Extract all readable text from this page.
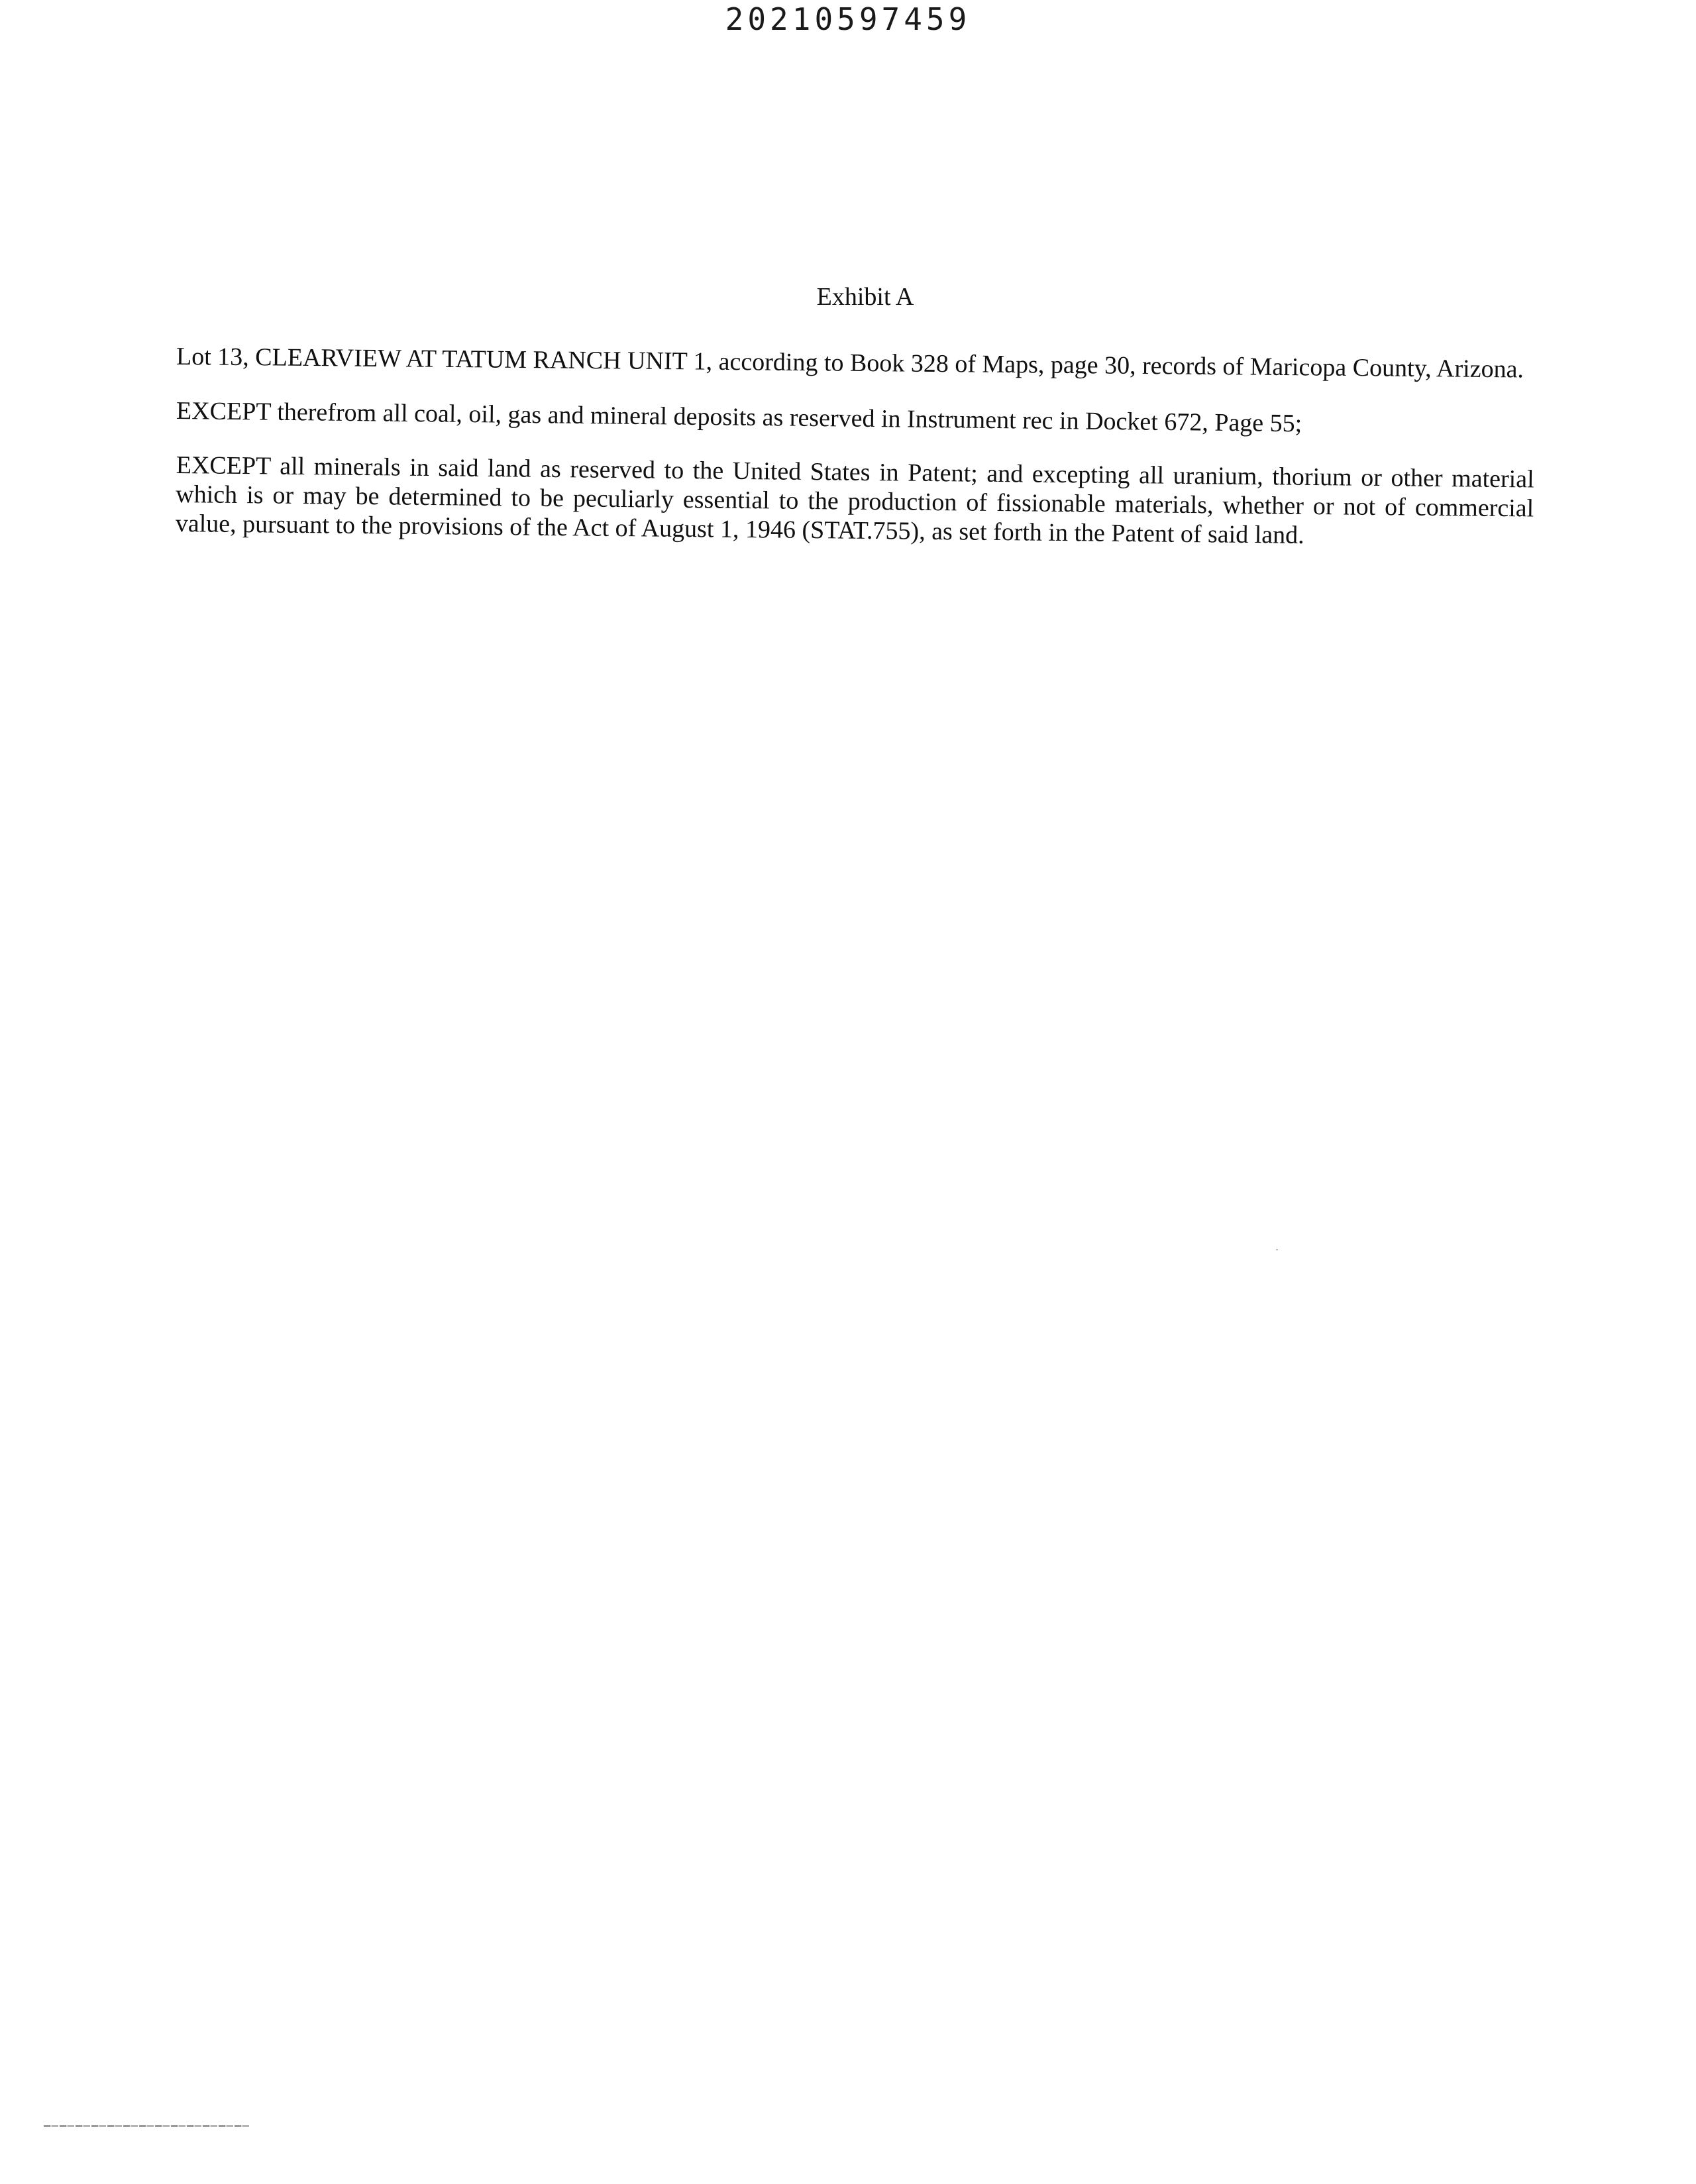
20210597459
Exhibit A

Lot 13, CLEARVIEW AT TATUM RANCH UNIT 1, according to Book 328 of Maps, page 30, records of Maricopa County, Arizona.

EXCEPT therefrom all coal, oil, gas and mineral deposits as reserved in Instrument rec in Docket 672, Page 55;

EXCEPT all minerals in said land as reserved to the United States in Patent; and excepting all uranium, thorium or other material which is or may be determined to be peculiarly essential to the production of fissionable materials, whether or not of commercial value, pursuant to the provisions of the Act of August 1, 1946 (STAT.755), as set forth in the Patent of said land.
